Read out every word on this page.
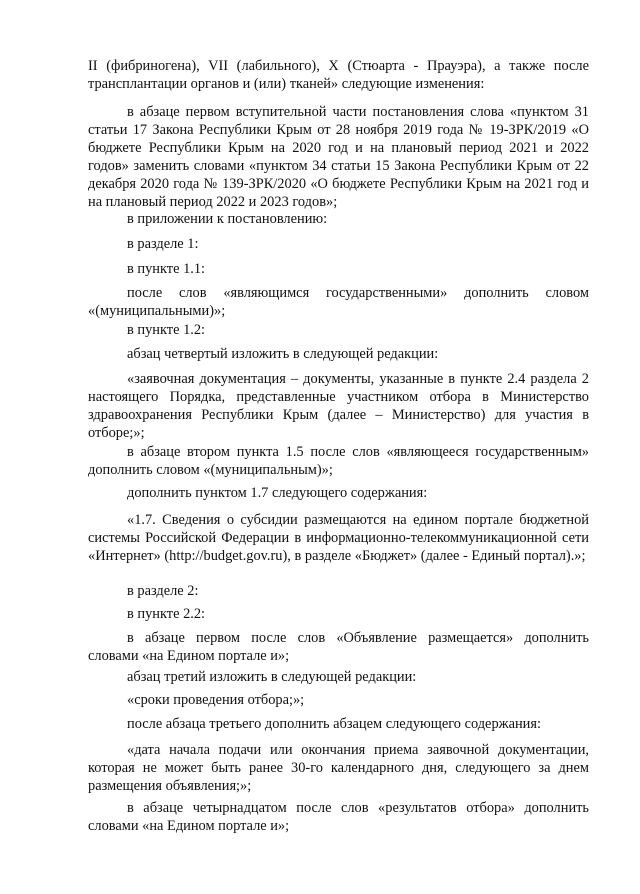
II (фибриногена), VII (лабильного), X (Стюарта - Прауэра), а также после трансплантации органов и (или) тканей» следующие изменения:

в абзаце первом вступительной части постановления слова «пунктом 31 статьи 17 Закона Республики Крым от 28 ноября 2019 года № 19-ЗРК/2019 «О бюджете Республики Крым на 2020 год и на плановый период 2021 и 2022 годов» заменить словами «пунктом 34 статьи 15 Закона Республики Крым от 22 декабря 2020 года № 139-ЗРК/2020 «О бюджете Республики Крым на 2021 год и на плановый период 2022 и 2023 годов»;

в приложении к постановлению:

в разделе 1:

в пункте 1.1:

после слов «являющимся государственными» дополнить словом «(муниципальными)»;

в пункте 1.2:

абзац четвертый изложить в следующей редакции:

«заявочная документация – документы, указанные в пункте 2.4 раздела 2 настоящего Порядка, представленные участником отбора в Министерство здравоохранения Республики Крым (далее – Министерство) для участия в отборе;»;

в абзаце втором пункта 1.5 после слов «являющееся государственным» дополнить словом «(муниципальным)»;

дополнить пунктом 1.7 следующего содержания:

«1.7. Сведения о субсидии размещаются на едином портале бюджетной системы Российской Федерации в информационно-телекоммуникационной сети «Интернет» (http://budget.gov.ru), в разделе «Бюджет» (далее - Единый портал).»;

в разделе 2:

в пункте 2.2:

в абзаце первом после слов «Объявление размещается» дополнить словами «на Едином портале и»;

абзац третий изложить в следующей редакции:

«сроки проведения отбора;»;

после абзаца третьего дополнить абзацем следующего содержания:

«дата начала подачи или окончания приема заявочной документации, которая не может быть ранее 30-го календарного дня, следующего за днем размещения объявления;»;

в абзаце четырнадцатом после слов «результатов отбора» дополнить словами «на Едином портале и»;
